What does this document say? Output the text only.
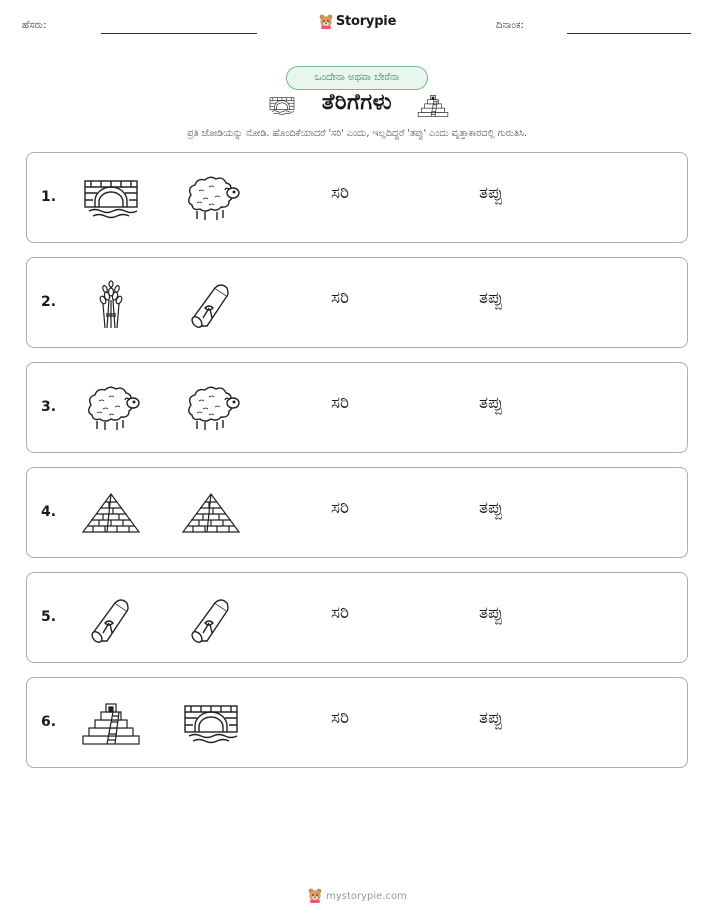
ಹೆಸರು:	Storypie	ದಿನಾಂಕ:
ಒಂದೇನಾ ಅಥವಾ ಬೇರೆನಾ
ತೆರಿಗೆಗಳು
ಪ್ರತಿ ಜೋಡಿಯನ್ನು ನೋಡಿ. ಹೊಂದಿಕೆಯಾದರೆ 'ಸರಿ' ಎಂದು, ಇಲ್ಲದಿದ್ದರೆ 'ತಪ್ಪು' ಎಂದು ವೃತ್ತಾಕಾರದಲ್ಲಿ ಗುರುತಿಸಿ.
1.	ಸರಿ	ತಪ್ಪು
2.	ಸರಿ	ತಪ್ಪು
3.	ಸರಿ	ತಪ್ಪು
4.	ಸರಿ	ತಪ್ಪು
5.	ಸರಿ	ತಪ್ಪು
6.	ಸರಿ	ತಪ್ಪು
mystorypie.com
